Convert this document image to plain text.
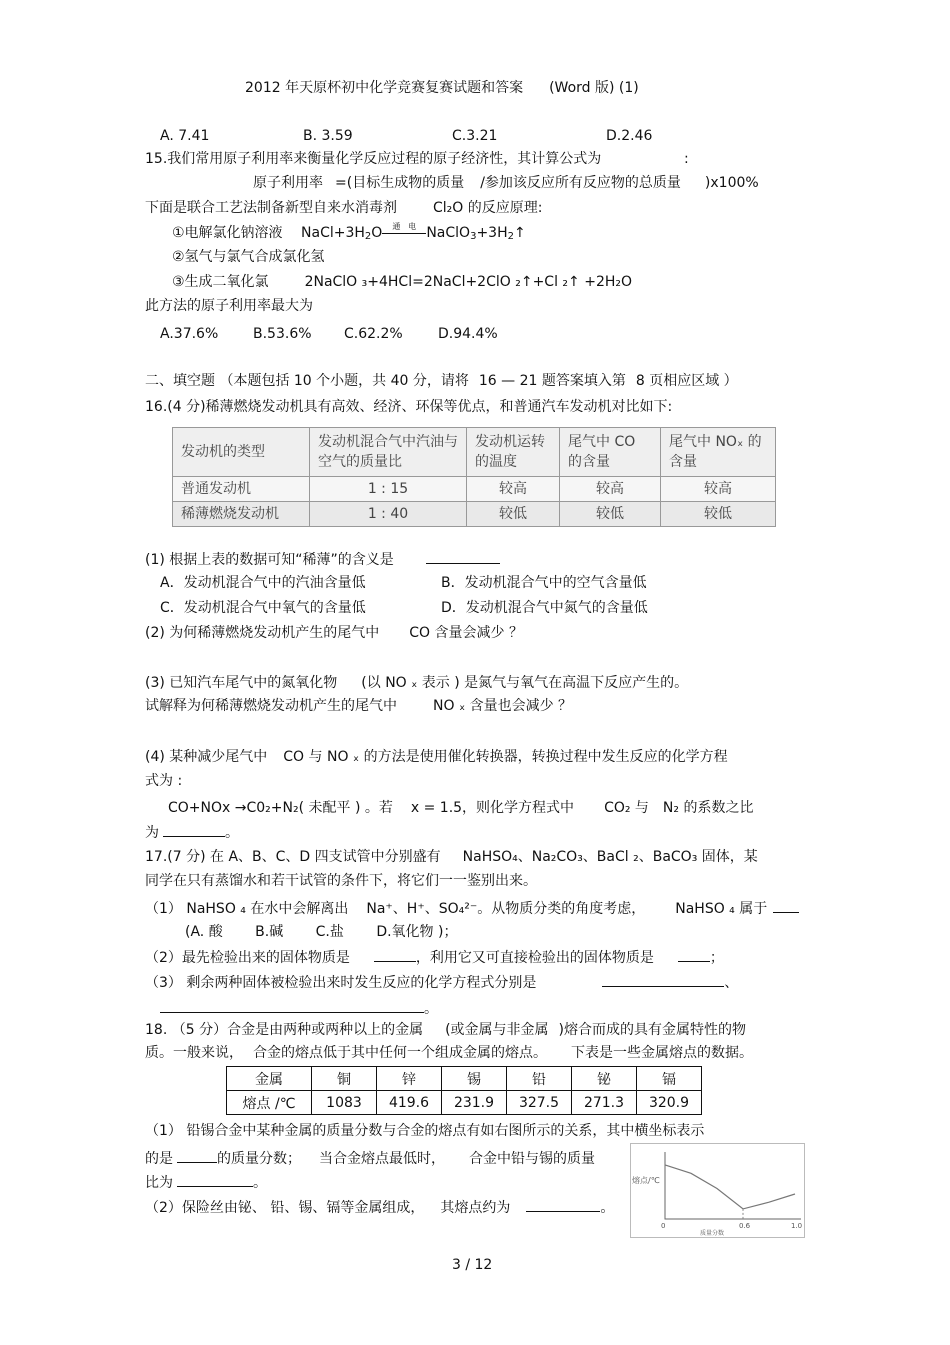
2012 年天原杯初中化学竞赛复赛试题和答案 (Word 版) (1)
A. 7.41	B. 3.59	C.3.21	D.2.46
15.我们常用原子利用率来衡量化学反应过程的原子经济性，其计算公式为	:
原子利用率 =(目标生成物的质量 /参加该反应所有反应物的总质量 )x100%
下面是联合工艺法制备新型自来水消毒剂	Cl₂O 的反应原理:
①电解氯化钠溶液 $NaCl+3H_2O$ 通　电 $NaClO_3+3H_2↑$
②氢气与氯气合成氯化氢
③生成二氧化氯	2NaClO ₃+4HCl=2NaCl+2ClO ₂↑+Cl ₂↑ +2H₂O
此方法的原子利用率最大为
A.37.6% B.53.6% C.62.2%	D.94.4%
二、填空题 （本题包括 10 个小题，共 40 分，请将 16 — 21 题答案填入第 8 页相应区域 ）
16.(4 分)稀薄燃烧发动机具有高效、经济、环保等优点，和普通汽车发动机对比如下:
发动机的类型	发动机混合气中汽油与空气的质量比	发动机运转的温度	尾气中 CO 的含量	尾气中 NOₓ 的含量
普通发动机	1 : 15	较高	较高	较高
稀薄燃烧发动机	1 : 40	较低	较低	较低
(1) 根据上表的数据可知“稀薄”的含义是
A．发动机混合气中的汽油含量低	B．发动机混合气中的空气含量低
C．发动机混合气中氧气的含量低	D．发动机混合气中氮气的含量低
(2) 为何稀薄燃烧发动机产生的尾气中 CO 含量会减少 ？
(3) 已知汽车尾气中的氮氧化物 (以 NO ₓ 表示 ) 是氮气与氧气在高温下反应产生的。
试解释为何稀薄燃烧发动机产生的尾气中	NO ₓ 含量也会减少 ？
(4) 某种减少尾气中 CO 与 NO ₓ 的方法是使用催化转换器，转换过程中发生反应的化学方程
式为 :
CO+NOx →C0₂+N₂( 未配平 ) 。若 x = 1.5，则化学方程式中 CO₂ 与 N₂ 的系数之比
为	。
17.(7 分) 在 A、B、C、D 四支试管中分别盛有 NaHSO₄、Na₂CO₃、BaCl ₂、BaCO₃ 固体，某
同学在只有蒸馏水和若干试管的条件下，将它们一一鉴别出来。
（1） NaHSO ₄ 在水中会解离出 Na⁺、H⁺、SO₄²⁻。从物质分类的角度考虑， NaHSO ₄ 属于
(A. 酸　　 B.碱　　 C.盐　　 D.氧化物 )；
（2）最先检验出来的固体物质是	，利用它又可直接检验出的固体物质是	；
（3） 剩余两种固体被检验出来时发生反应的化学方程式分别是	、
。
18. （5 分）合金是由两种或两种以上的金属 (或金属与非金属 )熔合而成的具有金属特性的物
质。一般来说， 合金的熔点低于其中任何一个组成金属的熔点。 下表是一些金属熔点的数据。
金属	铜	锌	锡	铅	铋	镉
熔点 /℃	1083	419.6	231.9	327.5	271.3	320.9
（1） 铅锡合金中某种金属的质量分数与合金的熔点有如右图所示的关系，其中横坐标表示
的是	的质量分数； 当合金熔点最低时， 合金中铅与锡的质量
比为	。
（2）保险丝由铋、 铅、锡、镉等金属组成， 其熔点约为	。
熔点/℃
质量分数
0	0.6	1.0
3 / 12
